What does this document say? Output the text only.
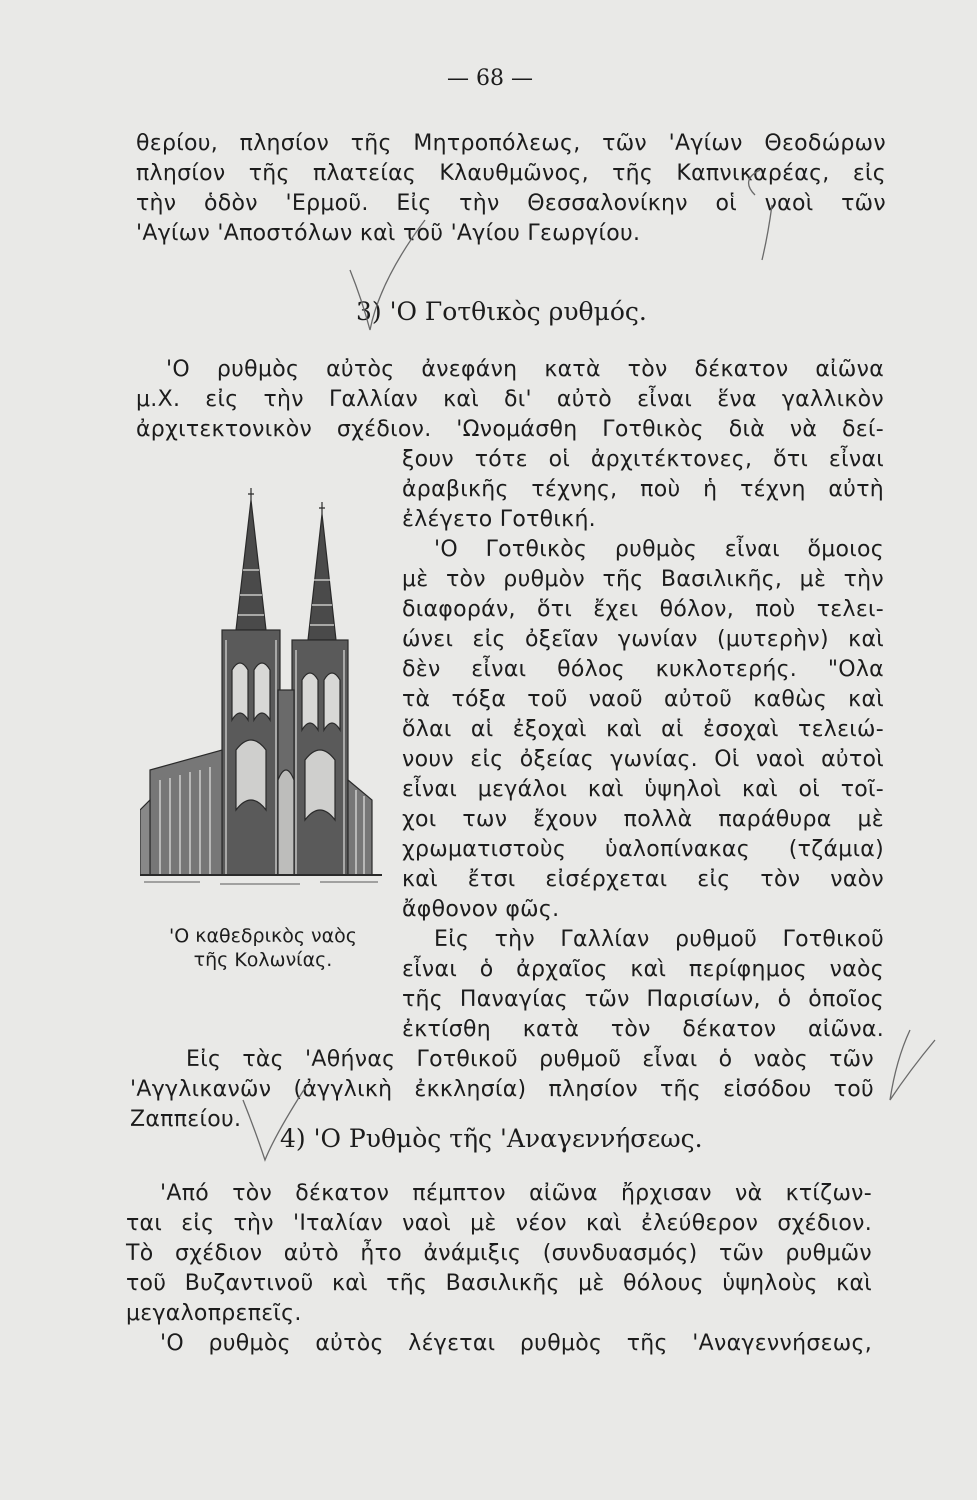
— 68 —
θερίου, πλησίον τῆς Μητροπόλεως, τῶν 'Αγίων Θεοδώρων
πλησίον τῆς πλατείας Κλαυθμῶνος, τῆς Καπνικαρέας, εἰς
τὴν ὁδὸν 'Ερμοῦ. Εἰς τὴν Θεσσαλονίκην οἱ ναοὶ τῶν
'Αγίων 'Αποστόλων καὶ τοῦ 'Αγίου Γεωργίου.
3) 'Ο Γοτθικὸς ρυθμός.
'Ο ρυθμὸς αὐτὸς ἀνεφάνη κατὰ τὸν δέκατον αἰῶνα
μ.Χ. εἰς τὴν Γαλλίαν καὶ δι' αὐτὸ εἶναι ἕνα γαλλικὸν
ἀρχιτεκτονικὸν σχέδιον. 'Ωνομάσθη Γοτθικὸς διὰ νὰ δεί-
ξουν τότε οἱ ἀρχιτέκτονες, ὅτι εἶναι
ἀραβικῆς τέχνης, ποὺ ἡ τέχνη αὐτὴ
ἐλέγετο Γοτθική.
'Ο Γοτθικὸς ρυθμὸς εἶναι ὅμοιος
μὲ τὸν ρυθμὸν τῆς Βασιλικῆς, μὲ τὴν
διαφοράν, ὅτι ἔχει θόλον, ποὺ τελει-
ώνει εἰς ὀξεῖαν γωνίαν (μυτερὴν) καὶ
δὲν εἶναι θόλος κυκλοτερής. "Ολα
τὰ τόξα τοῦ ναοῦ αὐτοῦ καθὼς καὶ
ὅλαι αἱ ἐξοχαὶ καὶ αἱ ἐσοχαὶ τελειώ-
νουν εἰς ὀξείας γωνίας. Οἱ ναοὶ αὐτοὶ
εἶναι μεγάλοι καὶ ὑψηλοὶ καὶ οἱ τοῖ-
χοι των ἔχουν πολλὰ παράθυρα μὲ
χρωματιστοὺς ὑαλοπίνακας (τζάμια)
καὶ ἔτσι εἰσέρχεται εἰς τὸν ναὸν
ἄφθονον φῶς.
Εἰς τὴν Γαλλίαν ρυθμοῦ Γοτθικοῦ
εἶναι ὁ ἀρχαῖος καὶ περίφημος ναὸς
τῆς Παναγίας τῶν Παρισίων, ὁ ὁποῖος
ἐκτίσθη κατὰ τὸν δέκατον αἰῶνα.
'Ο καθεδρικὸς ναὸς
τῆς Κολωνίας.
Εἰς τὰς 'Αθήνας Γοτθικοῦ ρυθμοῦ εἶναι ὁ ναὸς τῶν
'Αγγλικανῶν (ἀγγλικὴ ἐκκλησία) πλησίον τῆς εἰσόδου τοῦ
Ζαππείου.
4) 'Ο Ρυθμὸς τῆς 'Αναγεννήσεως.
'Από τὸν δέκατον πέμπτον αἰῶνα ἤρχισαν νὰ κτίζων-
ται εἰς τὴν 'Ιταλίαν ναοὶ μὲ νέον καὶ ἐλεύθερον σχέδιον.
Τὸ σχέδιον αὐτὸ ἦτο ἀνάμιξις (συνδυασμός) τῶν ρυθμῶν
τοῦ Βυζαντινοῦ καὶ τῆς Βασιλικῆς μὲ θόλους ὑψηλοὺς καὶ
μεγαλοπρεπεῖς.
'Ο ρυθμὸς αὐτὸς λέγεται ρυθμὸς τῆς 'Αναγεννήσεως,
